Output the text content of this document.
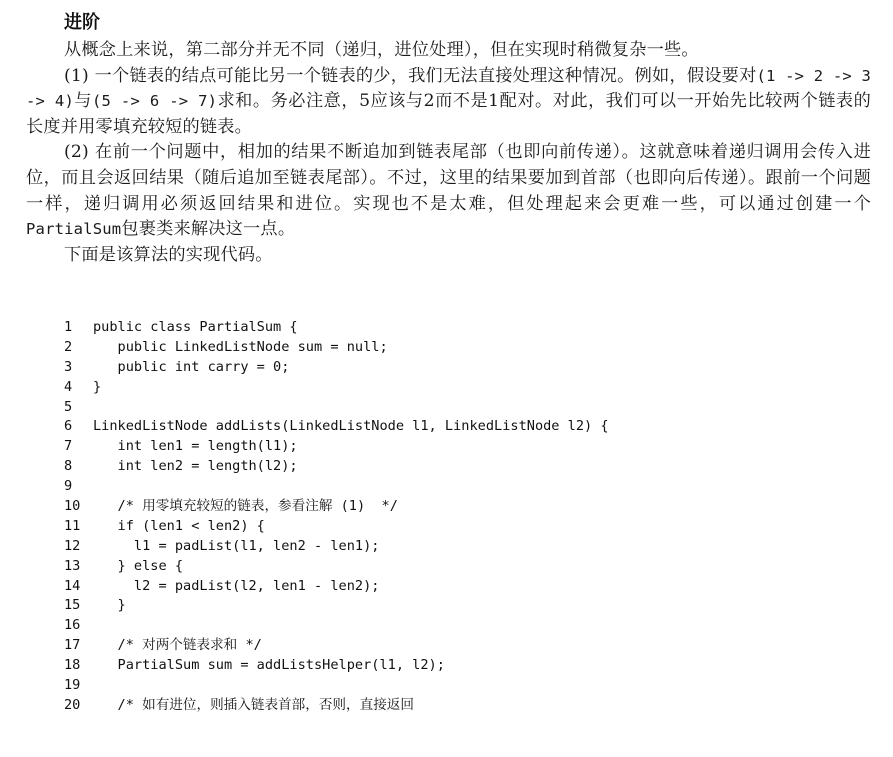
进阶

从概念上来说，第二部分并无不同（递归，进位处理），但在实现时稍微复杂一些。

(1) 一个链表的结点可能比另一个链表的少，我们无法直接处理这种情况。例如，假设要对(1 -> 2 -> 3 -> 4)与(5 -> 6 -> 7)求和。务必注意，5应该与2而不是1配对。对此，我们可以一开始先比较两个链表的长度并用零填充较短的链表。

(2) 在前一个问题中，相加的结果不断追加到链表尾部（也即向前传递）。这就意味着递归调用会传入进位，而且会返回结果（随后追加至链表尾部）。不过，这里的结果要加到首部（也即向后传递）。跟前一个问题一样，递归调用必须返回结果和进位。实现也不是太难，但处理起来会更难一些，可以通过创建一个PartialSum包裹类来解决这一点。

下面是该算法的实现代码。

1	public class PartialSum {
2	public LinkedListNode sum = null;
3	public int carry = 0;
4	}
5
6	LinkedListNode addLists(LinkedListNode l1, LinkedListNode l2) {
7	int len1 = length(l1);
8	int len2 = length(l2);
9
10 /* 用零填充较短的链表，参看注解 (1)  */
11 if (len1 < len2) {
12 l1 = padList(l1, len2 - len1);
13 } else {
14 l2 = padList(l2, len1 - len2);
15 }
16
17 /* 对两个链表求和 */
18 PartialSum sum = addListsHelper(l1, l2);
19
20 /* 如有进位，则插入链表首部，否则，直接返回
